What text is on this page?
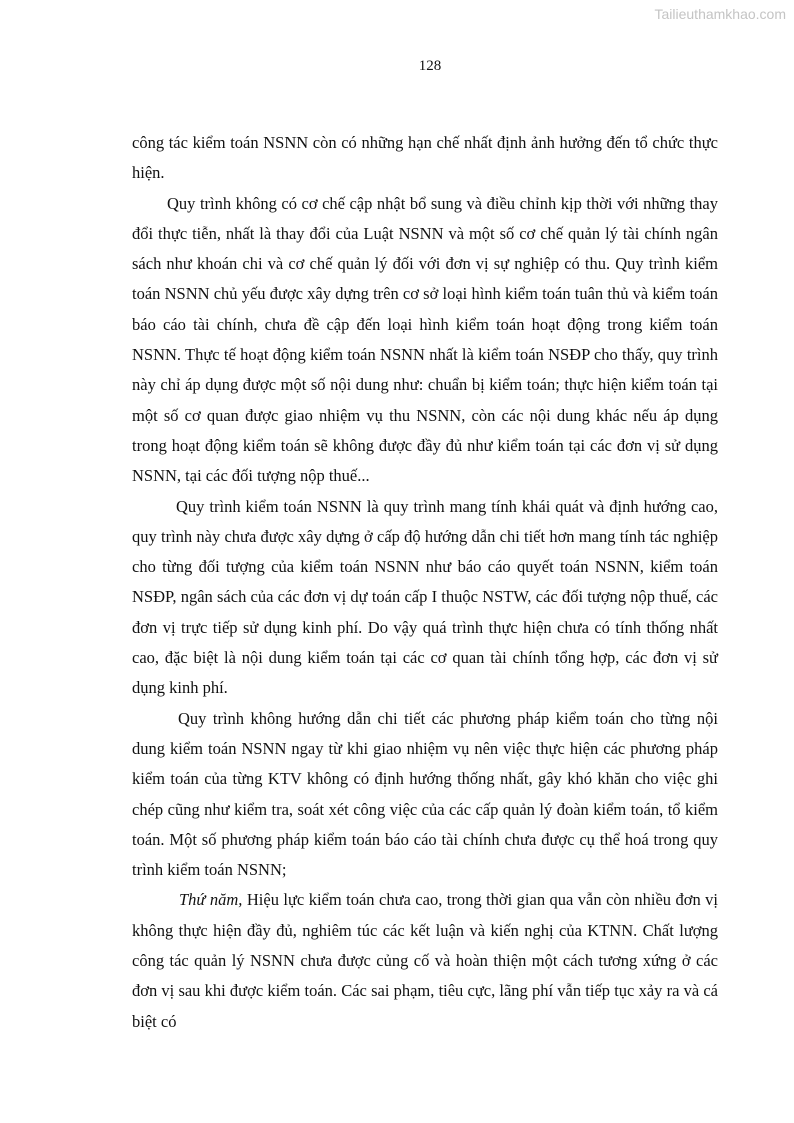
Tailieuthamkhao.com
128

công tác kiểm toán NSNN còn có những hạn chế nhất định ảnh hưởng đến tổ chức thực hiện.

Quy trình không có cơ chế cập nhật bổ sung và điều chỉnh kịp thời với những thay đổi thực tiễn, nhất là thay đổi của Luật NSNN và một số cơ chế quản lý tài chính ngân sách như khoán chi và cơ chế quản lý đối với đơn vị sự nghiệp có thu. Quy trình kiểm toán NSNN chủ yếu được xây dựng trên cơ sở loại hình kiểm toán tuân thủ và kiểm toán báo cáo tài chính, chưa đề cập đến loại hình kiểm toán hoạt động trong kiểm toán NSNN. Thực tế hoạt động kiểm toán NSNN nhất là kiểm toán NSĐP cho thấy, quy trình này chỉ áp dụng được một số nội dung như: chuẩn bị kiểm toán; thực hiện kiểm toán tại một số cơ quan được giao nhiệm vụ thu NSNN, còn các nội dung khác nếu áp dụng trong hoạt động kiểm toán sẽ không được đầy đủ như kiểm toán tại các đơn vị sử dụng NSNN, tại các đối tượng nộp thuế...

Quy trình kiểm toán NSNN là quy trình mang tính khái quát và định hướng cao, quy trình này chưa được xây dựng ở cấp độ hướng dẫn chi tiết hơn mang tính tác nghiệp cho từng đối tượng của kiểm toán NSNN như báo cáo quyết toán NSNN, kiểm toán NSĐP, ngân sách của các đơn vị dự toán cấp I thuộc NSTW, các đối tượng nộp thuế, các đơn vị trực tiếp sử dụng kinh phí. Do vậy quá trình thực hiện chưa có tính thống nhất cao, đặc biệt là nội dung kiểm toán tại các cơ quan tài chính tổng hợp, các đơn vị sử dụng kinh phí.

Quy trình không hướng dẫn chi tiết các phương pháp kiểm toán cho từng nội dung kiểm toán NSNN ngay từ khi giao nhiệm vụ nên việc thực hiện các phương pháp kiểm toán của từng KTV không có định hướng thống nhất, gây khó khăn cho việc ghi chép cũng như kiểm tra, soát xét công việc của các cấp quản lý đoàn kiểm toán, tổ kiểm toán. Một số phương pháp kiểm toán báo cáo tài chính chưa được cụ thể hoá trong quy trình kiểm toán NSNN;

Thứ năm, Hiệu lực kiểm toán chưa cao, trong thời gian qua vẫn còn nhiều đơn vị không thực hiện đầy đủ, nghiêm túc các kết luận và kiến nghị của KTNN. Chất lượng công tác quản lý NSNN chưa được củng cố và hoàn thiện một cách tương xứng ở các đơn vị sau khi được kiểm toán. Các sai phạm, tiêu cực, lãng phí vẫn tiếp tục xảy ra và cá biệt có
